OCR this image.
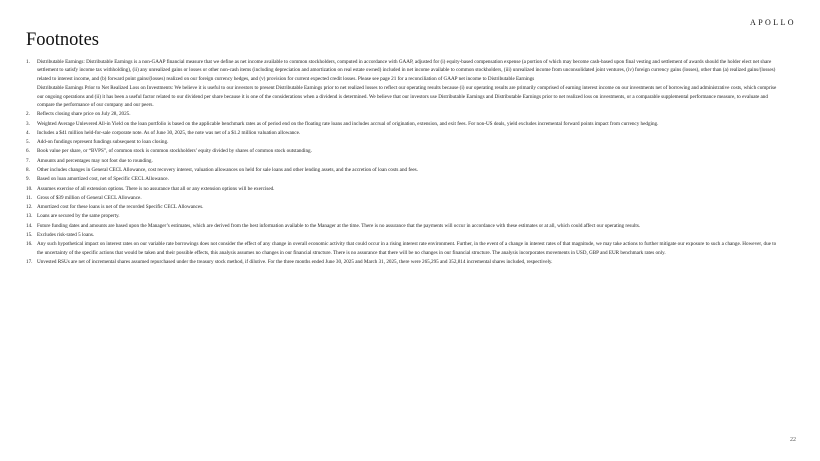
APOLLO
Footnotes
1. Distributable Earnings: Distributable Earnings is a non-GAAP financial measure that we define as net income available to common stockholders, computed in accordance with GAAP, adjusted for (i) equity-based compensation expense (a portion of which may become cash-based upon final vesting and settlement of awards should the holder elect net share settlement to satisfy income tax withholding), (ii) any unrealized gains or losses or other non-cash items (including depreciation and amortization on real estate owned) included in net income available to common stockholders, (iii) unrealized income from unconsolidated joint ventures, (iv) foreign currency gains (losses), other than (a) realized gains/(losses) related to interest income, and (b) forward point gains/(losses) realized on our foreign currency hedges, and (v) provision for current expected credit losses. Please see page 21 for a reconciliation of GAAP net income to Distributable Earnings
Distributable Earnings Prior to Net Realized Loss on Investments: We believe it is useful to our investors to present Distributable Earnings prior to net realized losses to reflect our operating results because (i) our operating results are primarily comprised of earning interest income on our investments net of borrowing and administrative costs, which comprise our ongoing operations and (ii) it has been a useful factor related to our dividend per share because it is one of the considerations when a dividend is determined. We believe that our investors use Distributable Earnings and Distributable Earnings prior to net realized loss on investments, or a comparable supplemental performance measure, to evaluate and compare the performance of our company and our peers.
2. Reflects closing share price on July 28, 2025.
3. Weighted Average Unlevered All-in Yield on the loan portfolio is based on the applicable benchmark rates as of period end on the floating rate loans and includes accrual of origination, extension, and exit fees. For non-US deals, yield excludes incremental forward points impact from currency hedging.
4. Includes a $41 million held-for-sale corporate note. As of June 30, 2025, the note was net of a $1.2 million valuation allowance.
5. Add-on fundings represent fundings subsequent to loan closing.
6. Book value per share, or “BVPS”, of common stock is common stockholders’ equity divided by shares of common stock outstanding.
7. Amounts and percentages may not foot due to rounding.
8. Other includes changes in General CECL Allowance, cost recovery interest, valuation allowances on held for sale loans and other lending assets, and the accretion of loan costs and fees.
9. Based on loan amortized cost, net of Specific CECL Allowance.
10. Assumes exercise of all extension options. There is no assurance that all or any extension options will be exercised.
11. Gross of $39 million of General CECL Allowance.
12. Amortized cost for these loans is net of the recorded Specific CECL Allowances.
13. Loans are secured by the same property.
14. Future funding dates and amounts are based upon the Manager’s estimates, which are derived from the best information available to the Manager at the time. There is no assurance that the payments will occur in accordance with these estimates or at all, which could affect our operating results.
15. Excludes risk-rated 5 loans.
16. Any such hypothetical impact on interest rates on our variable rate borrowings does not consider the effect of any change in overall economic activity that could occur in a rising interest rate environment. Further, in the event of a change in interest rates of that magnitude, we may take actions to further mitigate our exposure to such a change. However, due to the uncertainty of the specific actions that would be taken and their possible effects, this analysis assumes no changes in our financial structure. There is no assurance that there will be no changes in our financial structure. The analysis incorporates movements in USD, GBP and EUR benchmark rates only.
17. Unvested RSUs are net of incremental shares assumed repurchased under the treasury stock method, if dilutive. For the three months ended June 30, 2025 and March 31, 2025, there were 265,295 and 352,814 incremental shares included, respectively.
22
